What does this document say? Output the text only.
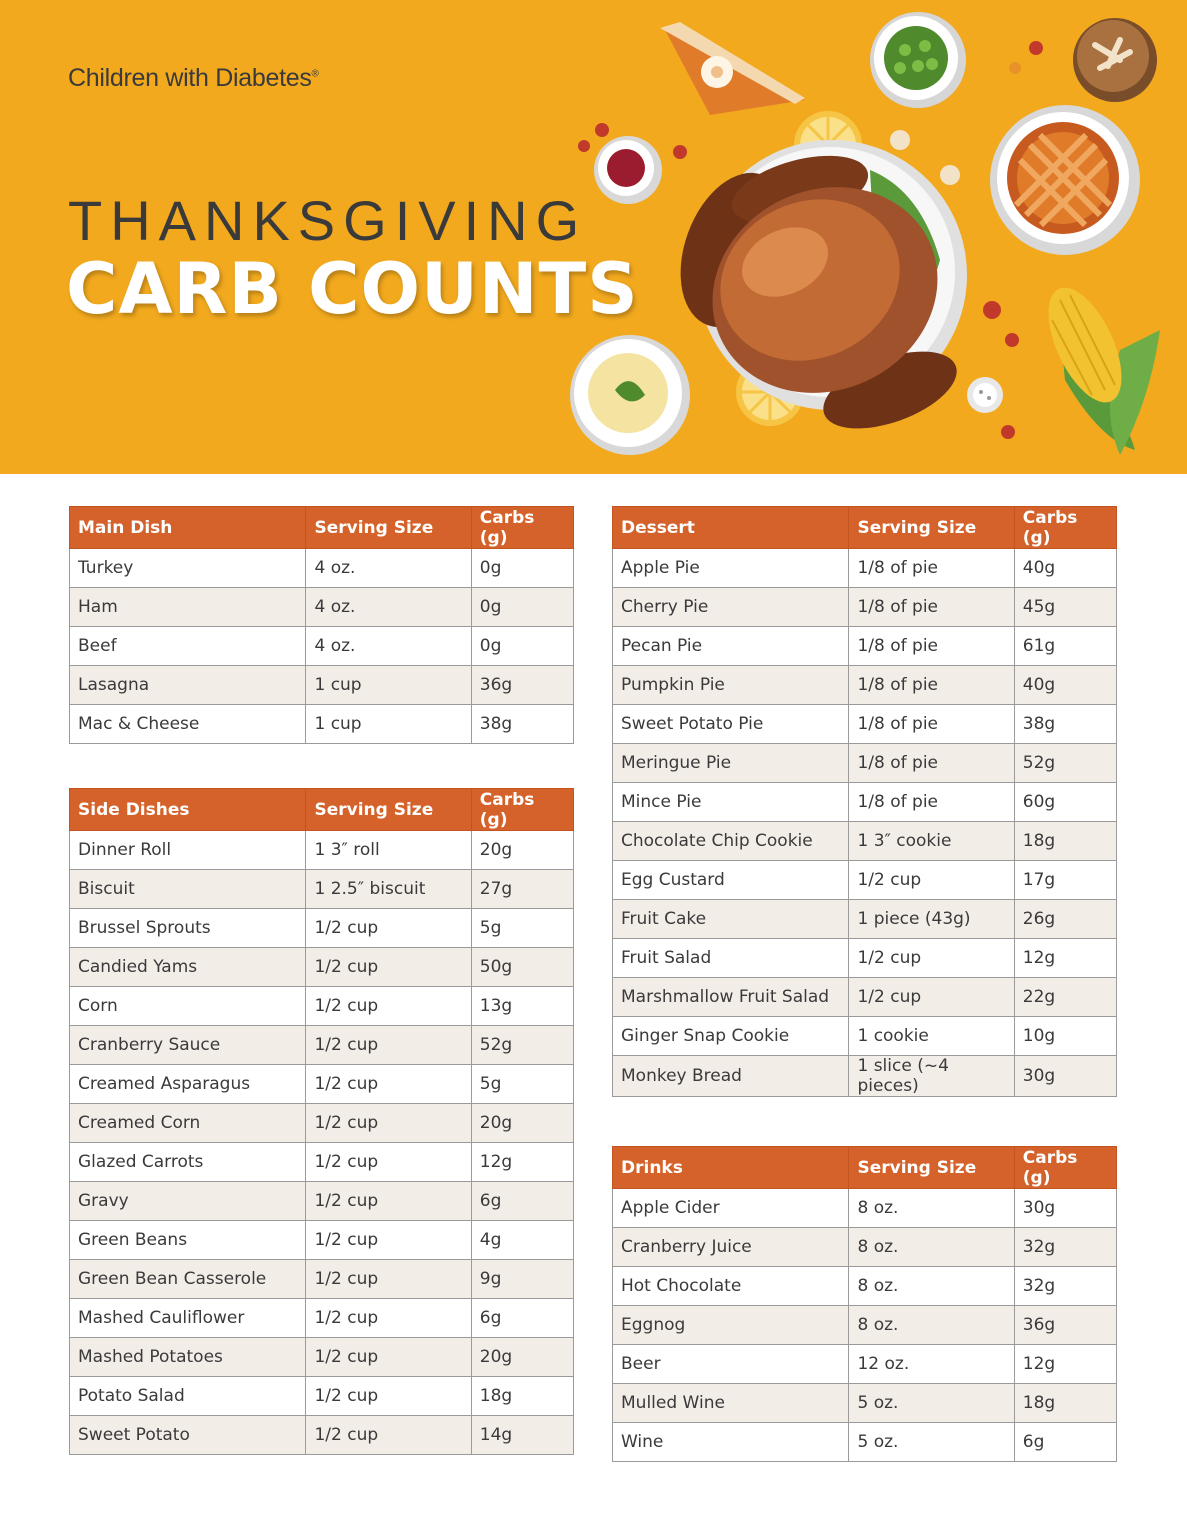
Children with Diabetes®
THANKSGIVING
CARB COUNTS
Main Dish	Serving Size	Carbs (g)
Turkey	4 oz.	0g
Ham	4 oz.	0g
Beef	4 oz.	0g
Lasagna	1 cup	36g
Mac & Cheese	1 cup	38g
Side Dishes	Serving Size	Carbs (g)
Dinner Roll	1 3″ roll	20g
Biscuit	1 2.5″ biscuit	27g
Brussel Sprouts	1/2 cup	5g
Candied Yams	1/2 cup	50g
Corn	1/2 cup	13g
Cranberry Sauce	1/2 cup	52g
Creamed Asparagus	1/2 cup	5g
Creamed Corn	1/2 cup	20g
Glazed Carrots	1/2 cup	12g
Gravy	1/2 cup	6g
Green Beans	1/2 cup	4g
Green Bean Casserole	1/2 cup	9g
Mashed Cauliflower	1/2 cup	6g
Mashed Potatoes	1/2 cup	20g
Potato Salad	1/2 cup	18g
Sweet Potato	1/2 cup	14g
Dessert	Serving Size	Carbs (g)
Apple Pie	1/8 of pie	40g
Cherry Pie	1/8 of pie	45g
Pecan Pie	1/8 of pie	61g
Pumpkin Pie	1/8 of pie	40g
Sweet Potato Pie	1/8 of pie	38g
Meringue Pie	1/8 of pie	52g
Mince Pie	1/8 of pie	60g
Chocolate Chip Cookie	1 3″ cookie	18g
Egg Custard	1/2 cup	17g
Fruit Cake	1 piece (43g)	26g
Fruit Salad	1/2 cup	12g
Marshmallow Fruit Salad	1/2 cup	22g
Ginger Snap Cookie	1 cookie	10g
Monkey Bread	1 slice (~4 pieces)	30g
Drinks	Serving Size	Carbs (g)
Apple Cider	8 oz.	30g
Cranberry Juice	8 oz.	32g
Hot Chocolate	8 oz.	32g
Eggnog	8 oz.	36g
Beer	12 oz.	12g
Mulled Wine	5 oz.	18g
Wine	5 oz.	6g
